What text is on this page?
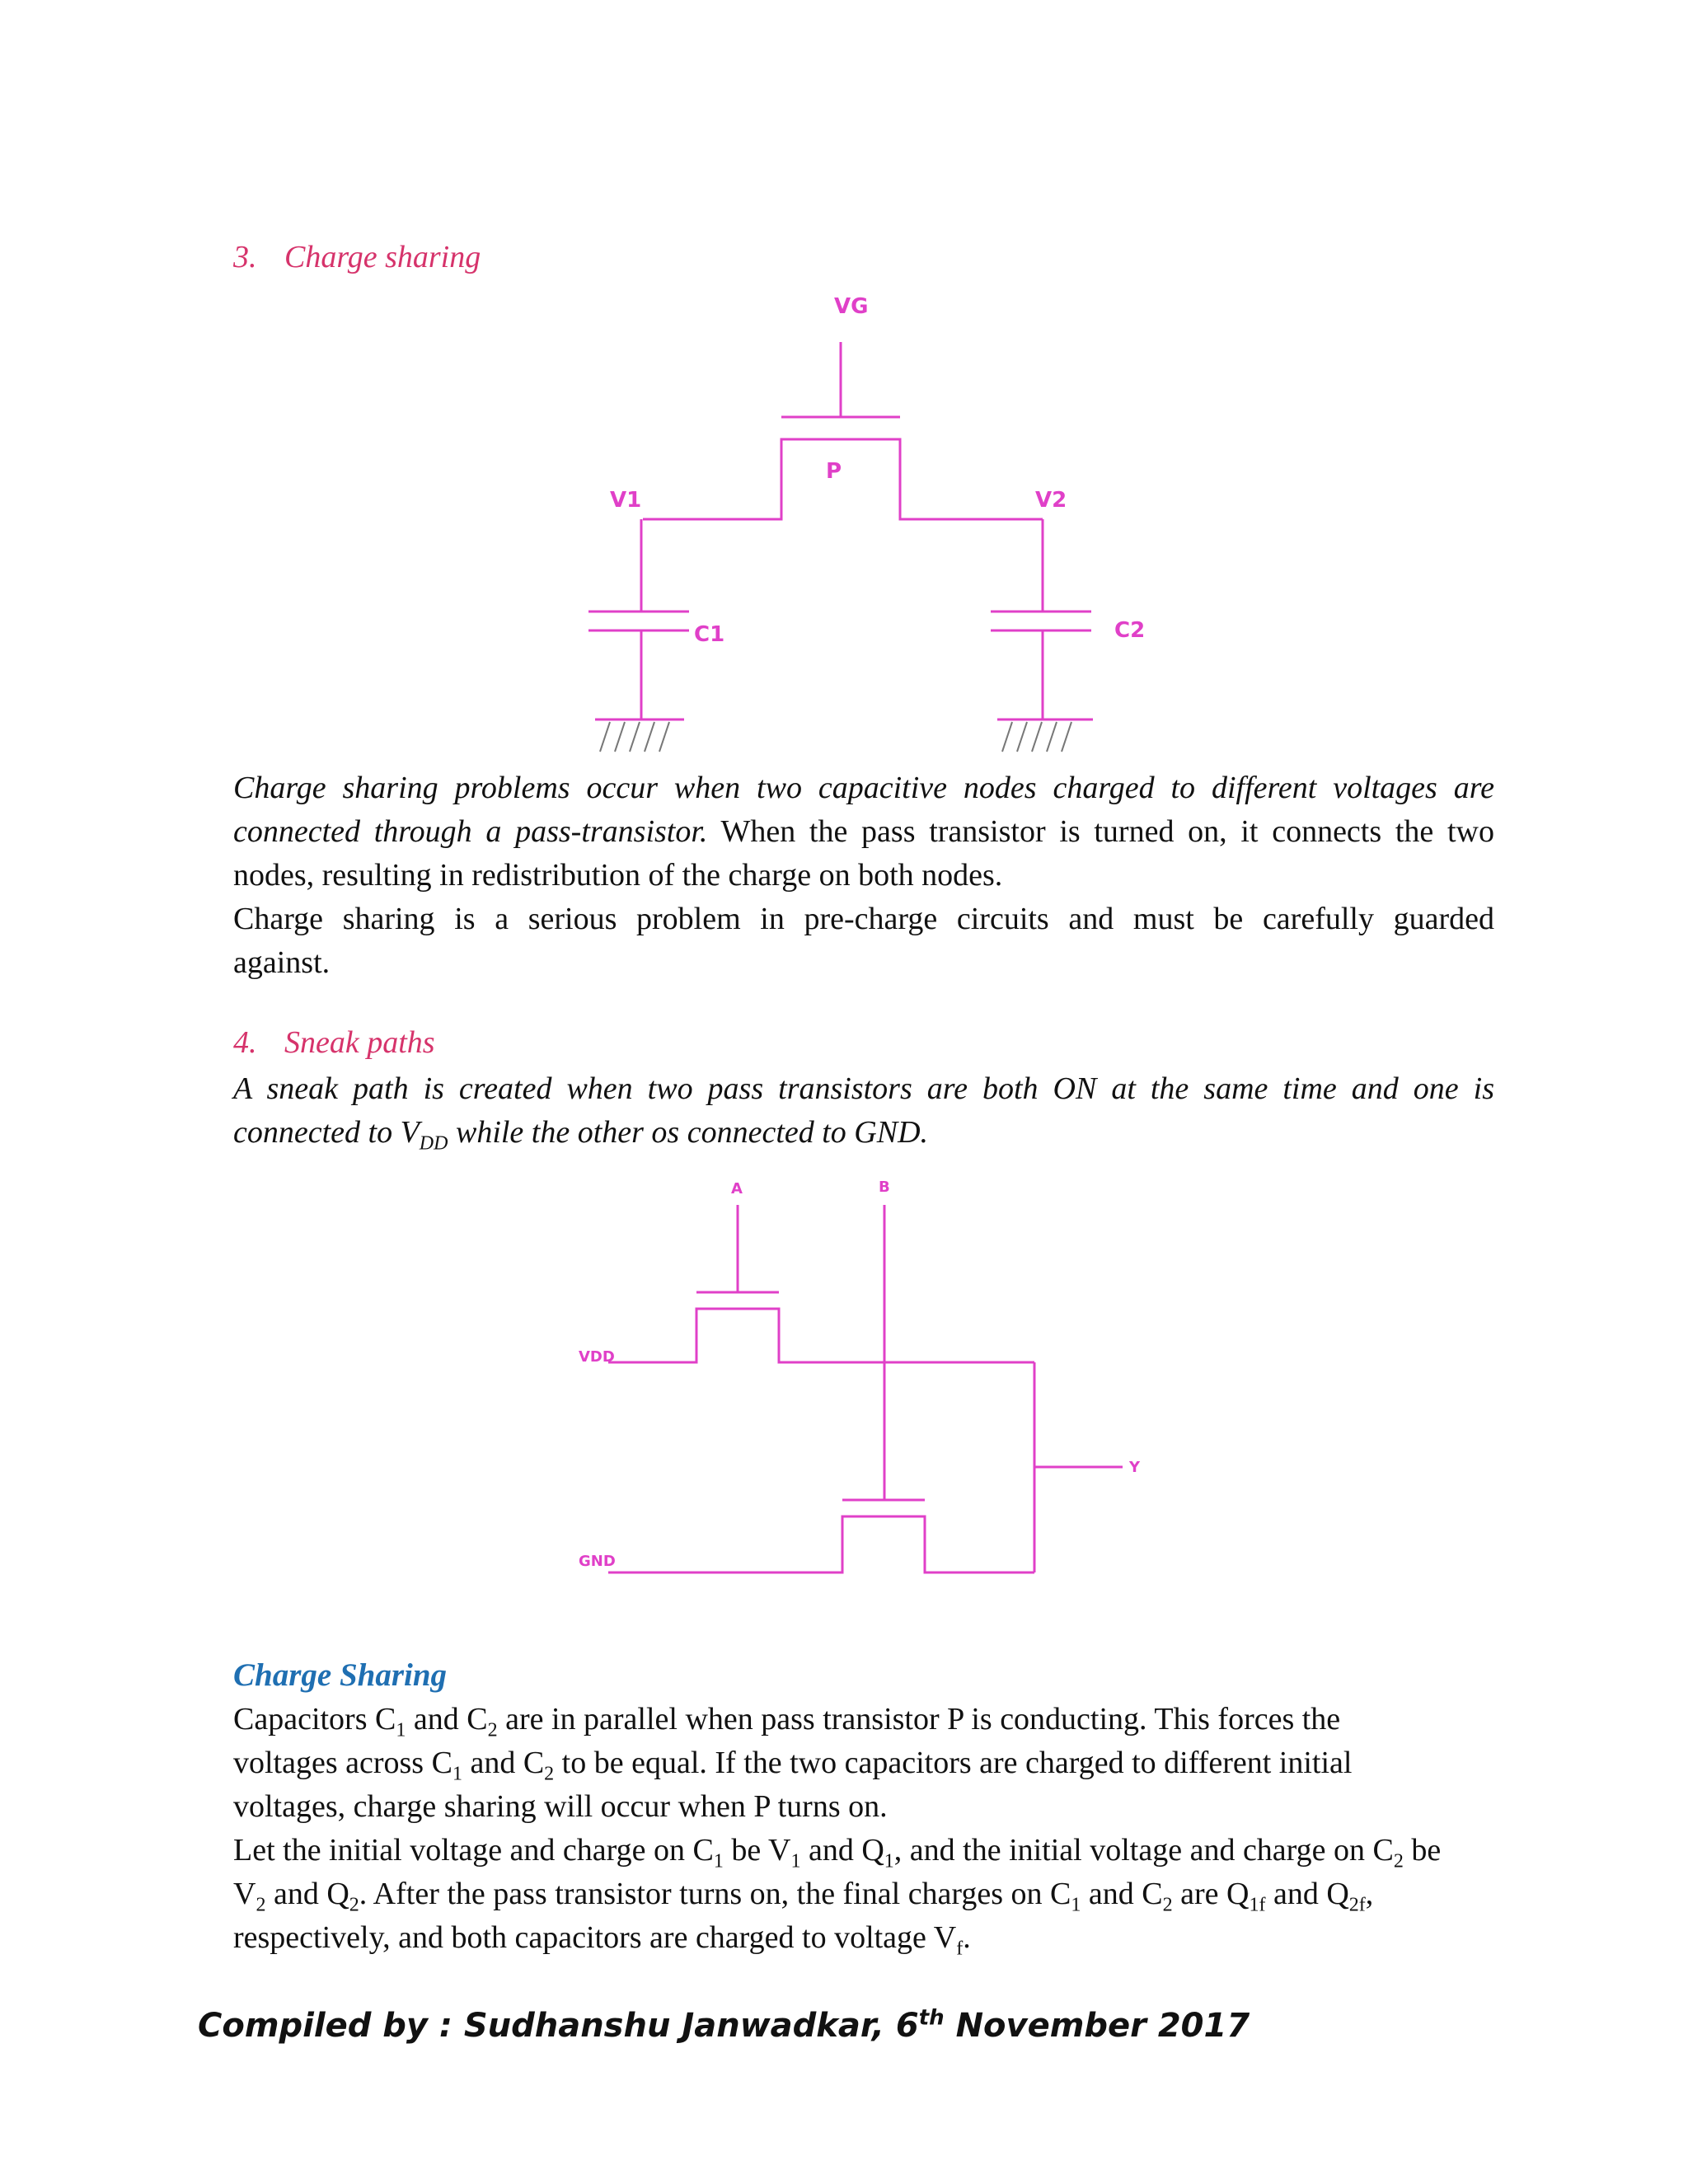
3. Charge sharing
VG
P
V1	V2
C1	C2
Charge sharing problems occur when two capacitive nodes charged to different voltages are
connected through a pass-transistor. When the pass transistor is turned on, it connects the two
nodes, resulting in redistribution of the charge on both nodes.
Charge sharing is a serious problem in pre-charge circuits and must be carefully guarded
against.
4. Sneak paths
A sneak path is created when two pass transistors are both ON at the same time and one is
connected to $V_{DD}$ while the other os connected to GND.
A	B
VDD
GND
Y
Charge Sharing
Capacitors $C_1$ and $C_2$ are in parallel when pass transistor P is conducting. This forces the
voltages across $C_1$ and $C_2$ to be equal. If the two capacitors are charged to different initial
voltages, charge sharing will occur when P turns on.
Let the initial voltage and charge on $C_1$ be $V_1$ and $Q_1$, and the initial voltage and charge on $C_2$ be
$V_2$ and $Q_2$. After the pass transistor turns on, the final charges on $C_1$ and $C_2$ are $Q_{1f}$ and $Q_{2f}$,
respectively, and both capacitors are charged to voltage $V_f$.
Compiled by : Sudhanshu Janwadkar, 6th November 2017
